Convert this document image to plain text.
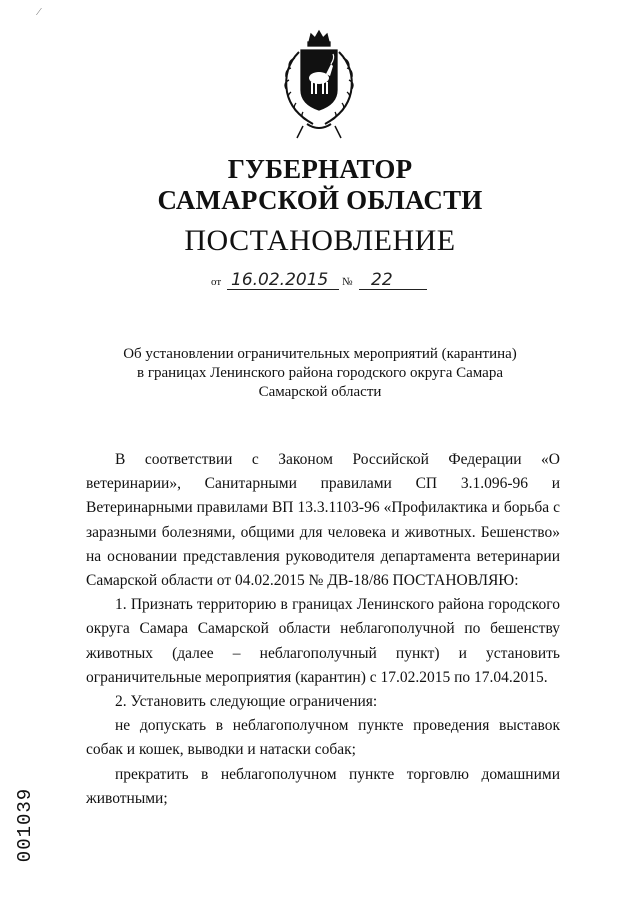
⁄
ГУБЕРНАТОР
САМАРСКОЙ ОБЛАСТИ
ПОСТАНОВЛЕНИЕ
от 16.02.2015 № 22
Об установлении ограничительных мероприятий (карантина)
в границах Ленинского района городского округа Самара
Самарской области

В соответствии с Законом Российской Федерации «О ветеринарии», Санитарными правилами СП 3.1.096-96 и Ветеринарными правилами ВП 13.3.1103-96 «Профилактика и борьба с заразными болезнями, общими для человека и животных. Бешенство» на основании представления руководителя департамента ветеринарии Самарской области от 04.02.2015 № ДВ-18/86 ПОСТАНОВЛЯЮ:

1. Признать территорию в границах Ленинского района городского округа Самара Самарской области неблагополучной по бешенству животных (далее – неблагополучный пункт) и установить ограничительные мероприятия (карантин) с 17.02.2015 по 17.04.2015.

2. Установить следующие ограничения:

не допускать в неблагополучном пункте проведения выставок собак и кошек, выводки и натаски собак;

прекратить в неблагополучном пункте торговлю домашними животными;

001039
